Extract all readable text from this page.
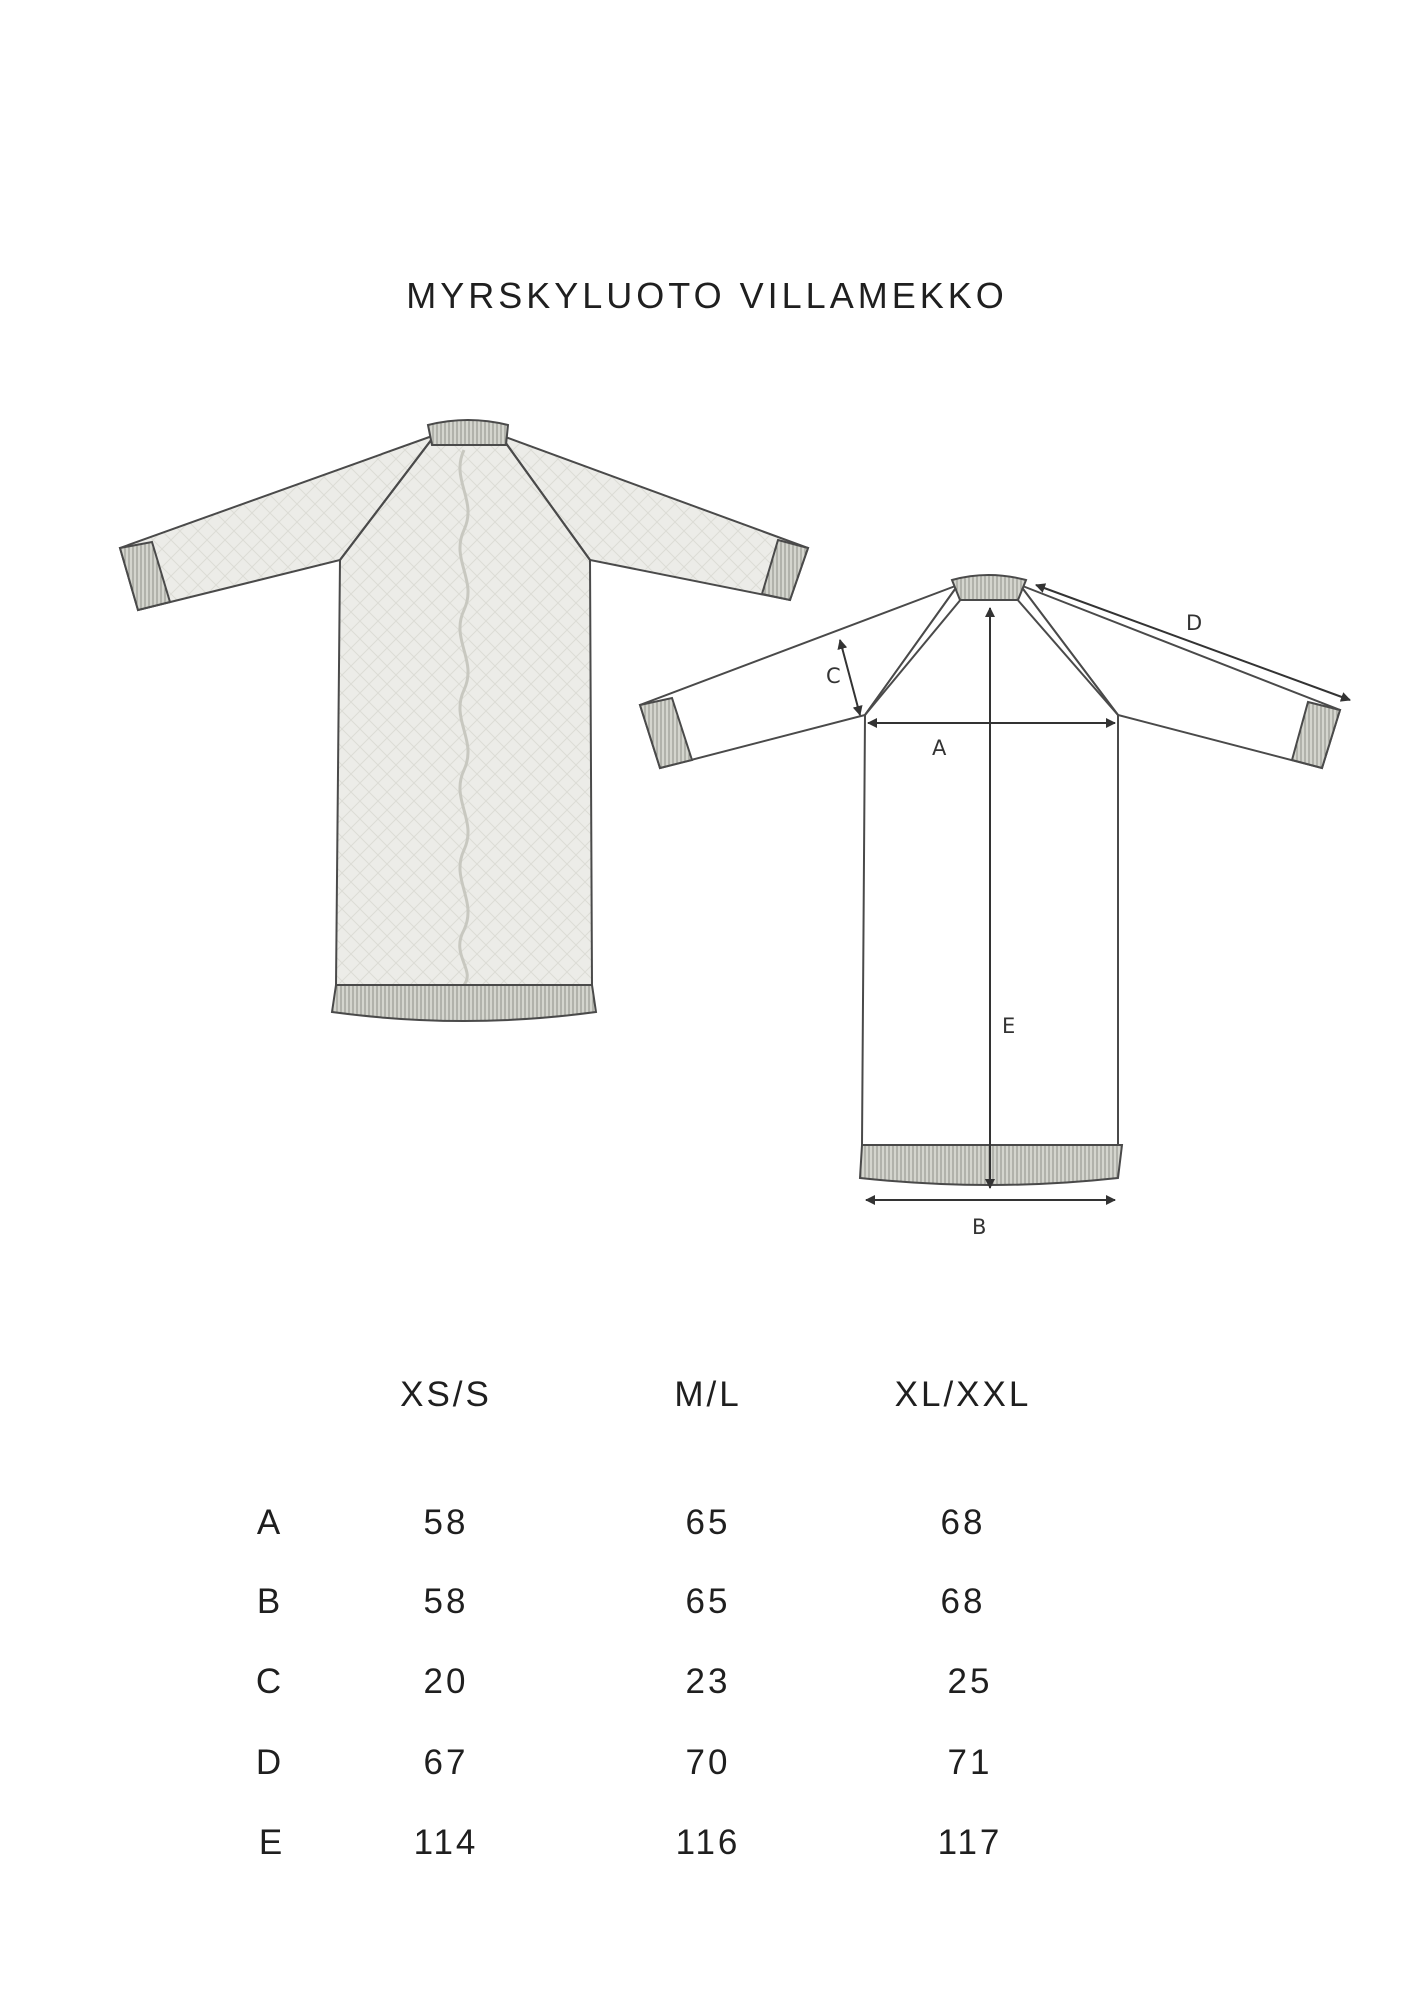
MYRSKYLUOTO VILLAMEKKO
A
B
C
D
E
XS/S	M/L	XL/XXL
A	58	65	68
B	58	65	68
C	20	23	25
D	67	70	71
E	114	116	117
